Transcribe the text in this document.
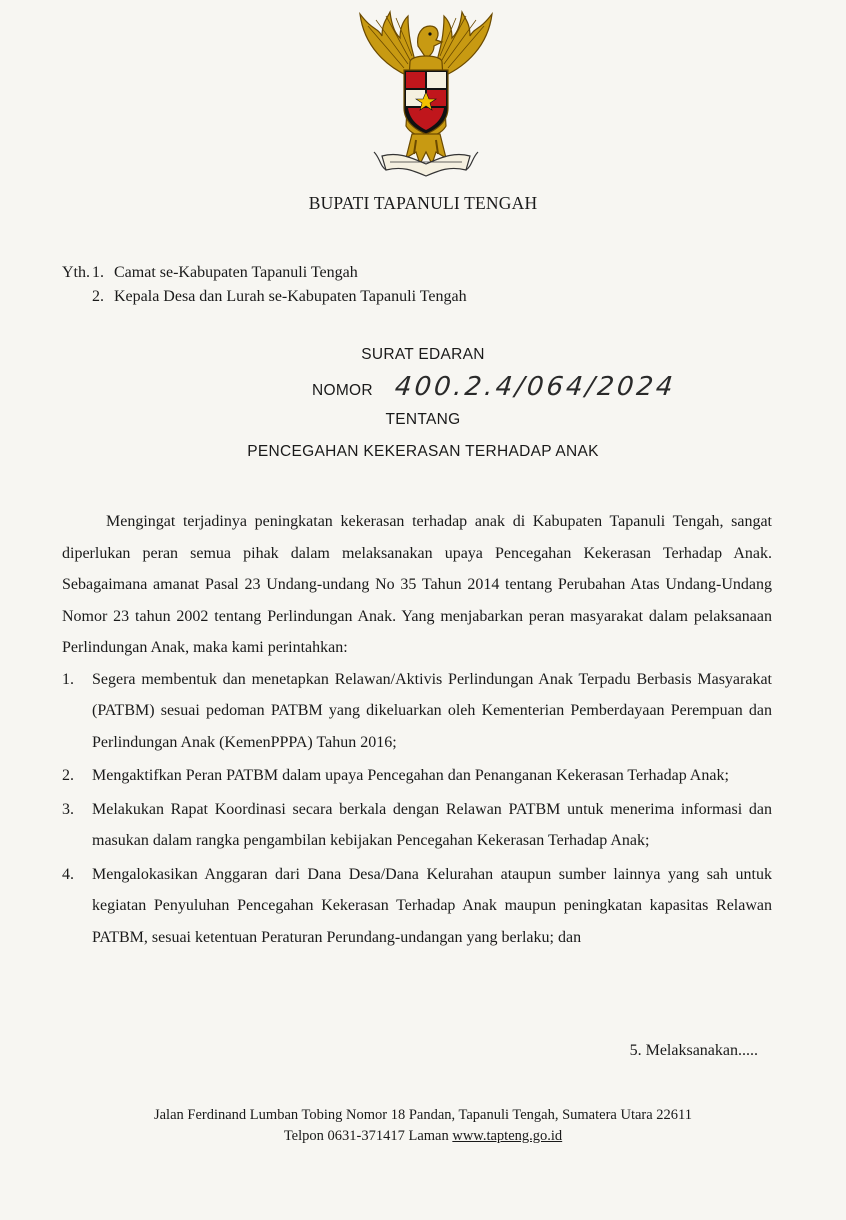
BUPATI TAPANULI TENGAH
Yth. 1. Camat se-Kabupaten Tapanuli Tengah
2. Kepala Desa dan Lurah se-Kabupaten Tapanuli Tengah
SURAT EDARAN
NOMOR 400.2.4/064/2024
TENTANG
PENCEGAHAN KEKERASAN TERHADAP ANAK

Mengingat terjadinya peningkatan kekerasan terhadap anak di Kabupaten Tapanuli Tengah, sangat diperlukan peran semua pihak dalam melaksanakan upaya Pencegahan Kekerasan Terhadap Anak. Sebagaimana amanat Pasal 23 Undang-undang No 35 Tahun 2014 tentang Perubahan Atas Undang-Undang Nomor 23 tahun 2002 tentang Perlindungan Anak. Yang menjabarkan peran masyarakat dalam pelaksanaan Perlindungan Anak, maka kami perintahkan:

1.	Segera membentuk dan menetapkan Relawan/Aktivis Perlindungan Anak Terpadu Berbasis Masyarakat (PATBM) sesuai pedoman PATBM yang dikeluarkan oleh Kementerian Pemberdayaan Perempuan dan Perlindungan Anak (KemenPPPA) Tahun 2016;
2.	Mengaktifkan Peran PATBM dalam upaya Pencegahan dan Penanganan Kekerasan Terhadap Anak;
3.	Melakukan Rapat Koordinasi secara berkala dengan Relawan PATBM untuk menerima informasi dan masukan dalam rangka pengambilan kebijakan Pencegahan Kekerasan Terhadap Anak;
4.	Mengalokasikan Anggaran dari Dana Desa/Dana Kelurahan ataupun sumber lainnya yang sah untuk kegiatan Penyuluhan Pencegahan Kekerasan Terhadap Anak maupun peningkatan kapasitas Relawan PATBM, sesuai ketentuan Peraturan Perundang-undangan yang berlaku; dan
5. Melaksanakan.....
Jalan Ferdinand Lumban Tobing Nomor 18 Pandan, Tapanuli Tengah, Sumatera Utara 22611
Telpon 0631-371417 Laman www.tapteng.go.id
